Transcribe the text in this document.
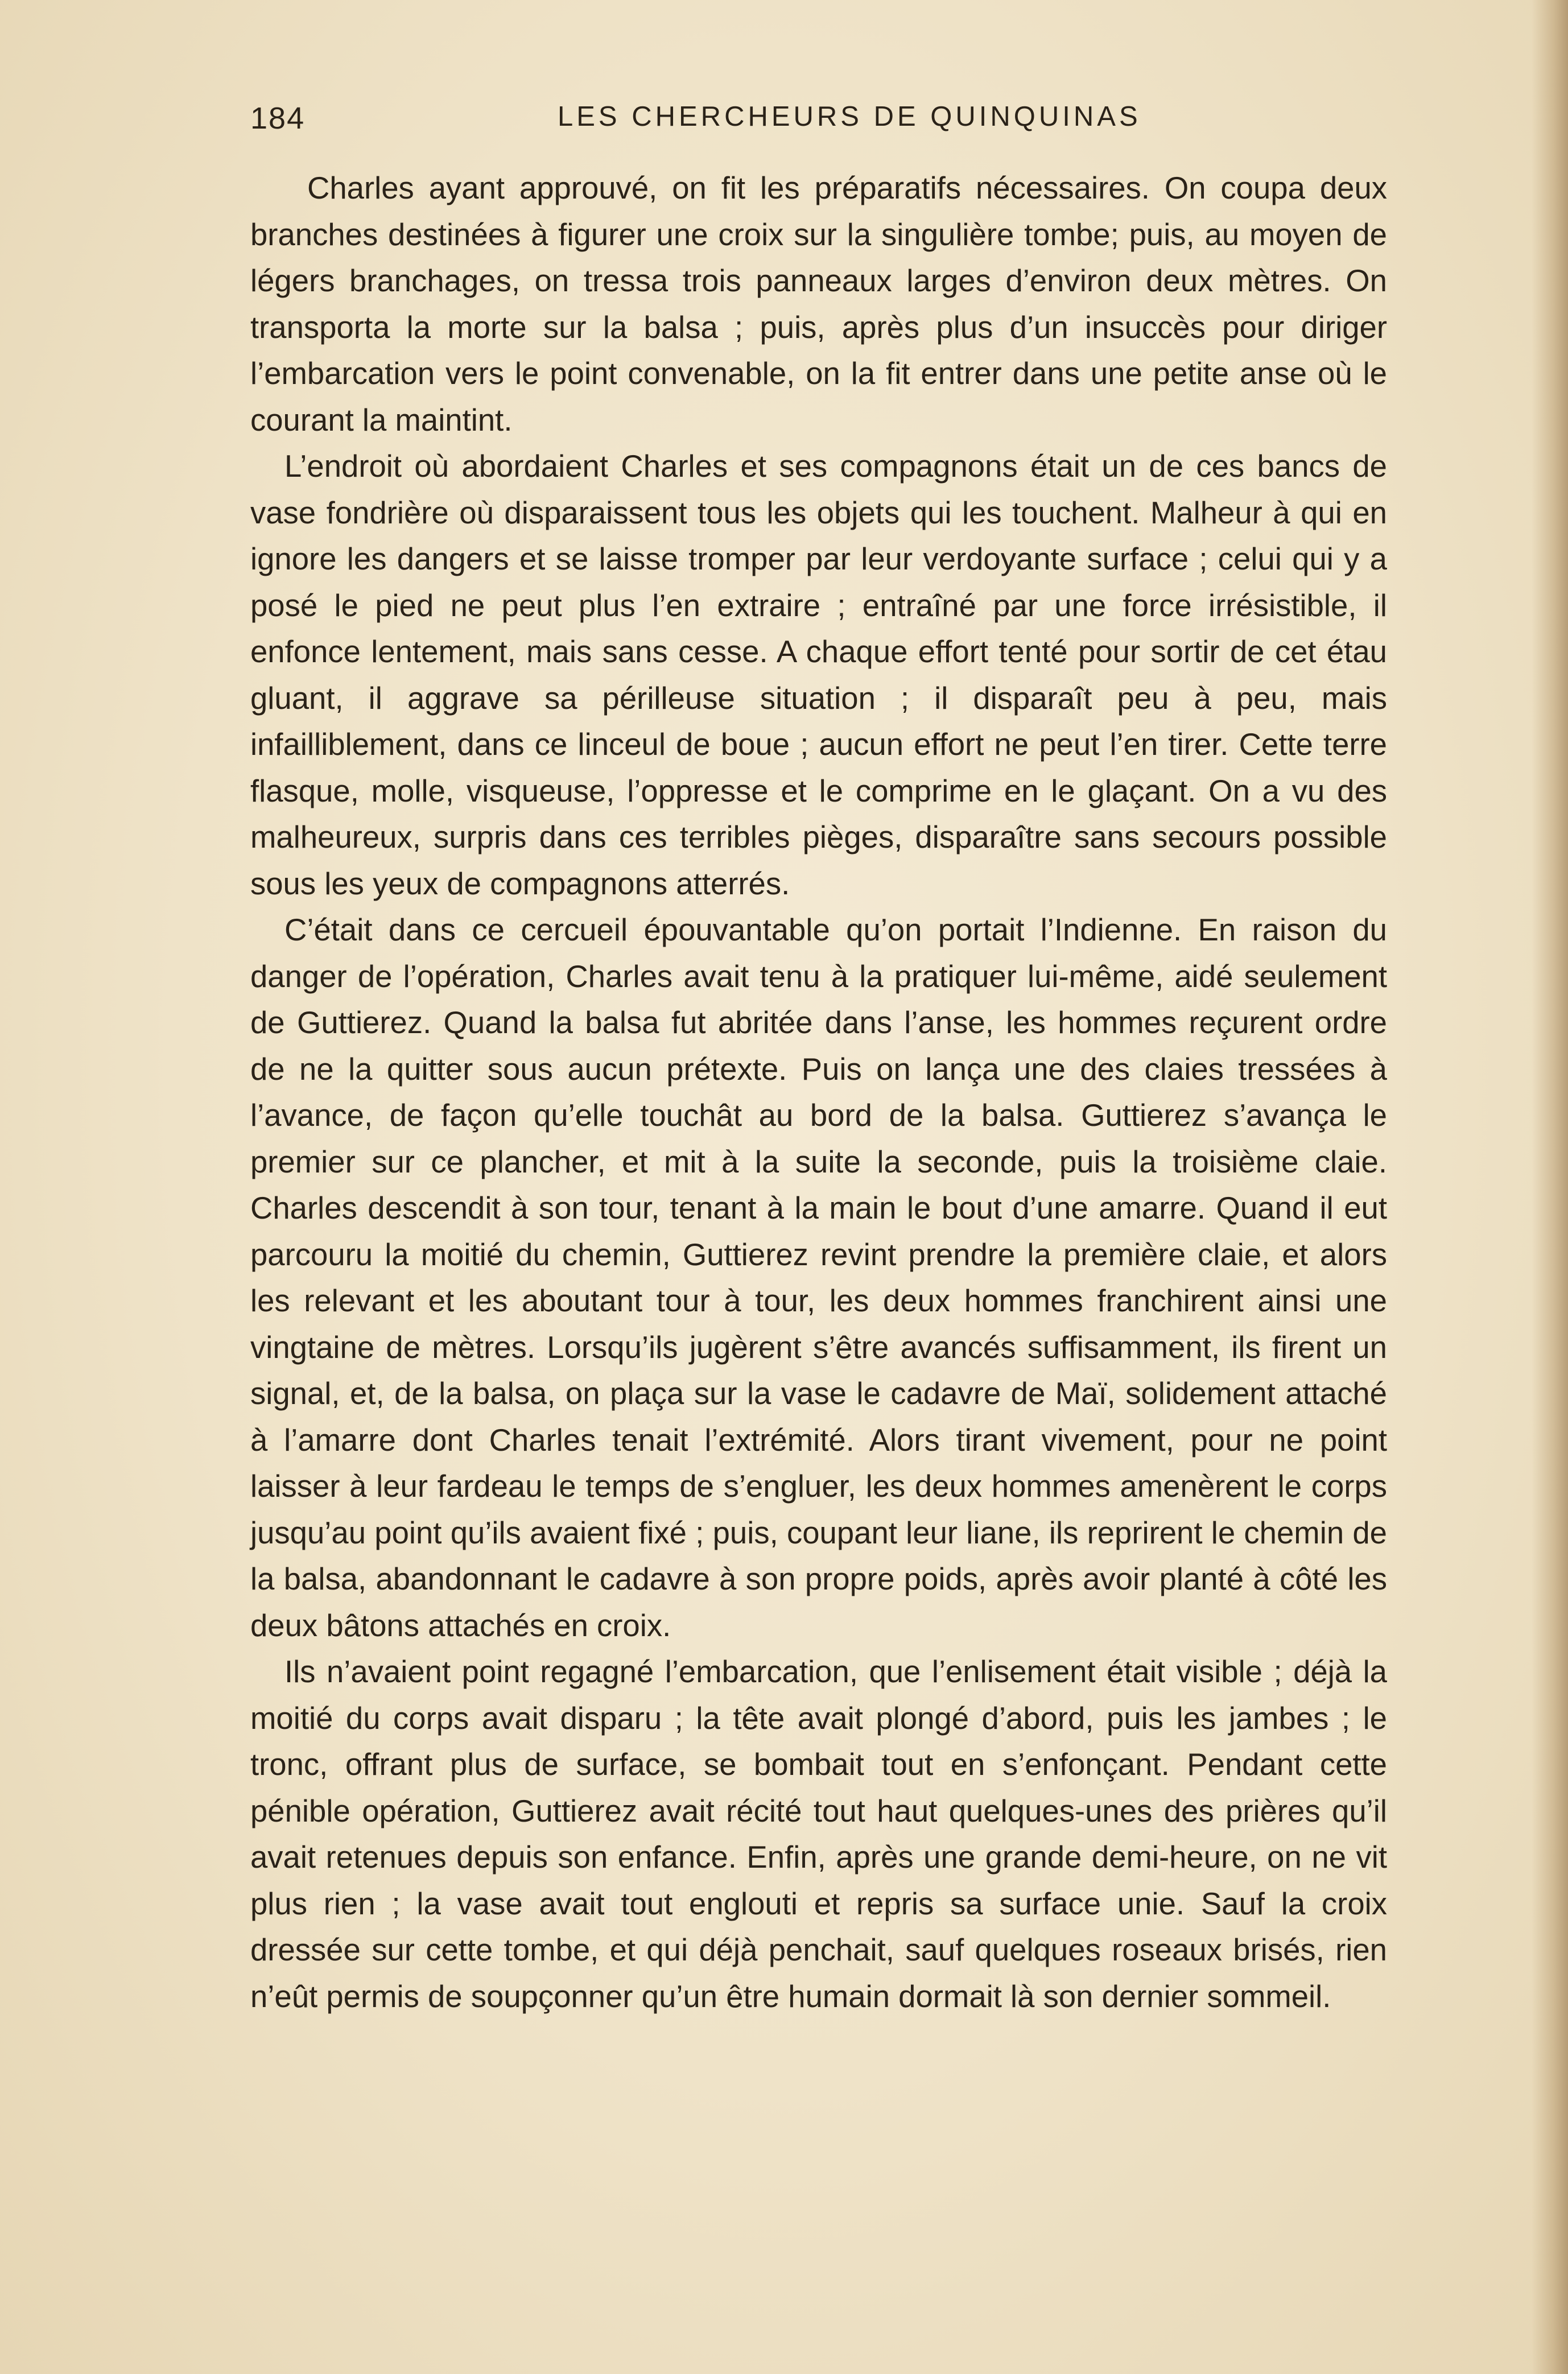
184	LES CHERCHEURS DE QUINQUINAS

Charles ayant approuvé, on fit les préparatifs nécessaires. On coupa deux branches destinées à figurer une croix sur la singulière tombe; puis, au moyen de légers branchages, on tressa trois panneaux larges d’environ deux mètres. On transporta la morte sur la balsa ; puis, après plus d’un insuccès pour diriger l’embarcation vers le point convenable, on la fit entrer dans une petite anse où le courant la maintint.

L’endroit où abordaient Charles et ses compagnons était un de ces bancs de vase fondrière où disparaissent tous les objets qui les touchent. Malheur à qui en ignore les dangers et se laisse tromper par leur verdoyante surface ; celui qui y a posé le pied ne peut plus l’en extraire ; entraîné par une force irrésistible, il enfonce lentement, mais sans cesse. A chaque effort tenté pour sortir de cet étau gluant, il aggrave sa périlleuse situation ; il disparaît peu à peu, mais infailliblement, dans ce linceul de boue ; aucun effort ne peut l’en tirer. Cette terre flasque, molle, visqueuse, l’oppresse et le comprime en le glaçant. On a vu des malheureux, surpris dans ces terribles pièges, disparaître sans secours possible sous les yeux de compagnons atterrés.

C’était dans ce cercueil épouvantable qu’on portait l’Indienne. En raison du danger de l’opération, Charles avait tenu à la pratiquer lui-même, aidé seulement de Guttierez. Quand la balsa fut abritée dans l’anse, les hommes reçurent ordre de ne la quitter sous aucun prétexte. Puis on lança une des claies tressées à l’avance, de façon qu’elle touchât au bord de la balsa. Guttierez s’avança le premier sur ce plancher, et mit à la suite la seconde, puis la troisième claie. Charles descendit à son tour, tenant à la main le bout d’une amarre. Quand il eut parcouru la moitié du chemin, Guttierez revint prendre la première claie, et alors les relevant et les aboutant tour à tour, les deux hommes franchirent ainsi une vingtaine de mètres. Lorsqu’ils jugèrent s’être avancés suffisamment, ils firent un signal, et, de la balsa, on plaça sur la vase le cadavre de Maï, solidement attaché à l’amarre dont Charles tenait l’extrémité. Alors tirant vivement, pour ne point laisser à leur fardeau le temps de s’engluer, les deux hommes amenèrent le corps jusqu’au point qu’ils avaient fixé ; puis, coupant leur liane, ils reprirent le chemin de la balsa, abandonnant le cadavre à son propre poids, après avoir planté à côté les deux bâtons attachés en croix.

Ils n’avaient point regagné l’embarcation, que l’enlisement était visible ; déjà la moitié du corps avait disparu ; la tête avait plongé d’abord, puis les jambes ; le tronc, offrant plus de surface, se bombait tout en s’enfonçant. Pendant cette pénible opération, Guttierez avait récité tout haut quelques-unes des prières qu’il avait retenues depuis son enfance. Enfin, après une grande demi-heure, on ne vit plus rien ; la vase avait tout englouti et repris sa surface unie. Sauf la croix dressée sur cette tombe, et qui déjà penchait, sauf quelques roseaux brisés, rien n’eût permis de soupçonner qu’un être humain dormait là son dernier sommeil.
